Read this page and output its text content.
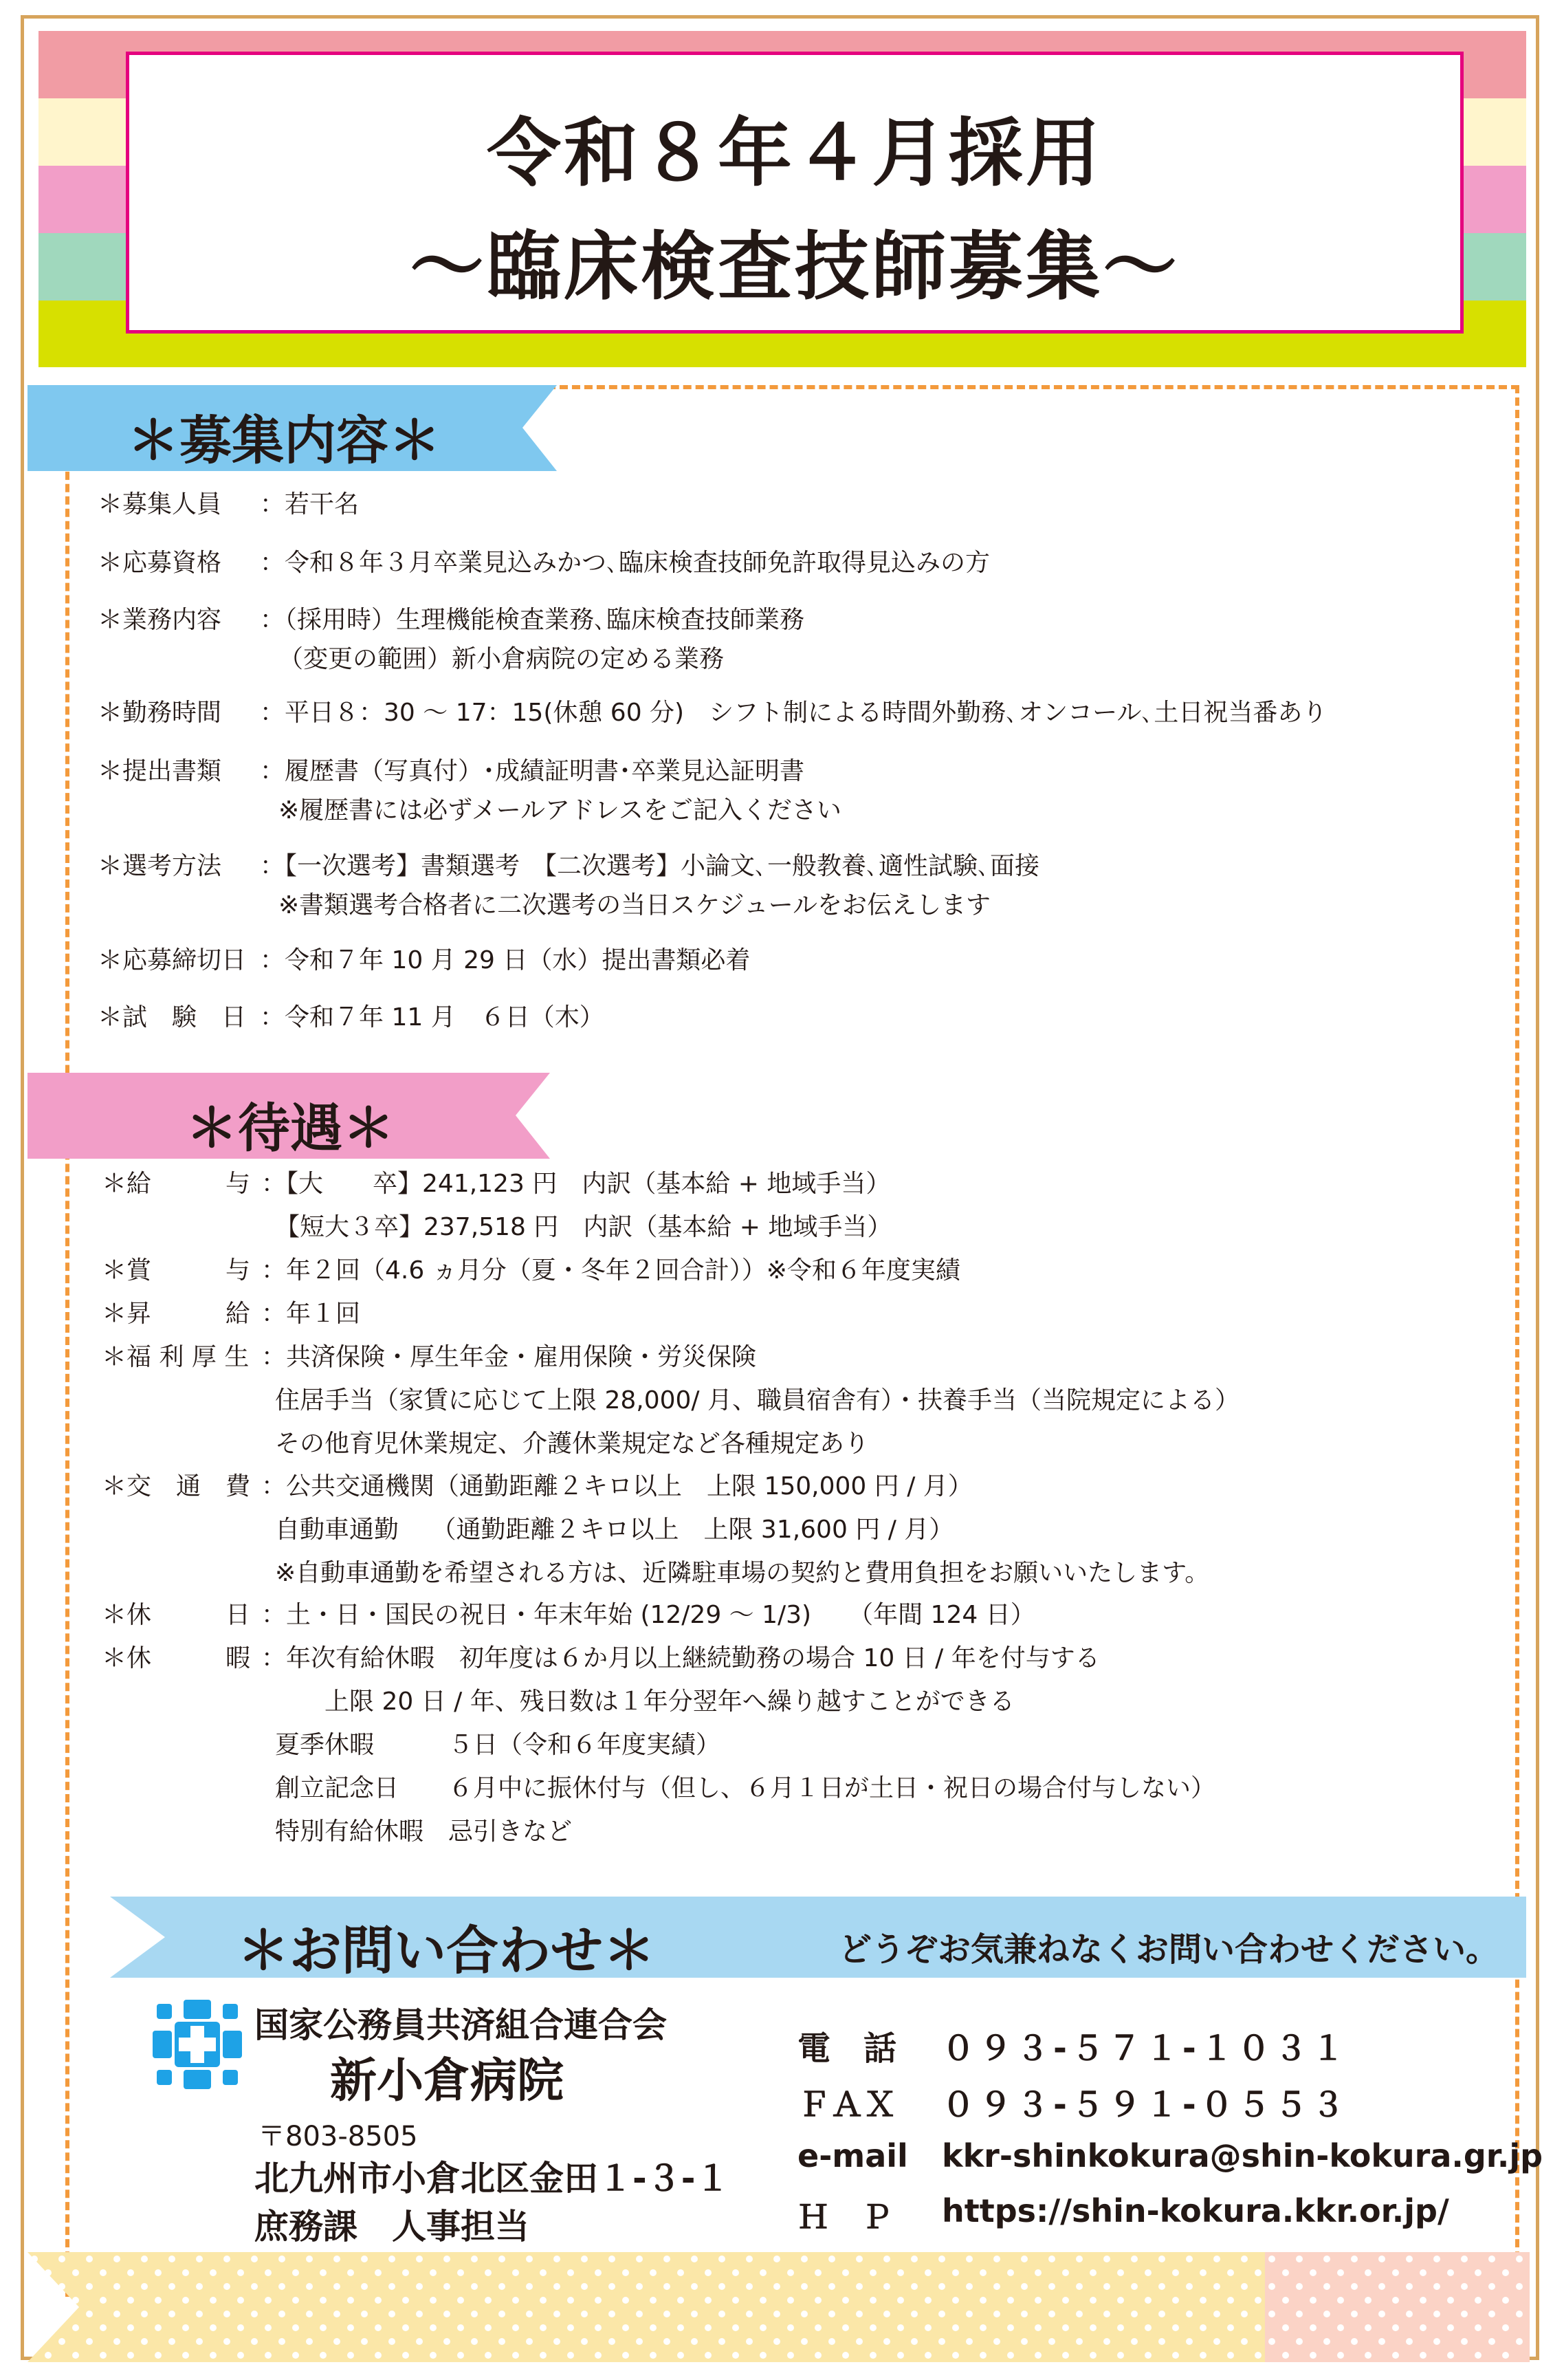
令和８年４月採用
〜臨床検査技師募集〜
＊募集内容＊
＊募集人員 ：若干名
＊応募資格 ：令和８年３月卒業見込みかつ､臨床検査技師免許取得見込みの方
＊業務内容 ：（採用時）生理機能検査業務､臨床検査技師業務
（変更の範囲）新小倉病院の定める業務
＊勤務時間 ：平日８：30 〜 17：15(休憩 60 分)　シフト制による時間外勤務､オンコール､土日祝当番あり
＊提出書類 ：履歴書（写真付）･成績証明書･卒業見込証明書
※履歴書には必ずメールアドレスをご記入ください
＊選考方法 ：【一次選考】書類選考　【二次選考】小論文､一般教養､適性試験､面接
※書類選考合格者に二次選考の当日スケジュールをお伝えします
＊応募締切日 ：令和７年 10 月 29 日（水）提出書類必着
＊試　験　日 ：令和７年 11 月　６日（木）
＊待遇＊
＊給　　　与 ：【大　　卒】241,123 円　内訳（基本給 + 地域手当）
【短大３卒】237,518 円　内訳（基本給 + 地域手当）
＊賞　　　与 ：年２回（4.6 ヵ月分（夏・冬年２回合計））※令和６年度実績
＊昇　　　給 ：年１回
＊福 利 厚 生 ：共済保険・厚生年金・雇用保険・労災保険
住居手当（家賃に応じて上限 28,000/ 月、職員宿舎有）・扶養手当（当院規定による）
その他育児休業規定、介護休業規定など各種規定あり
＊交　通　費 ：公共交通機関（通勤距離２キロ以上　上限 150,000 円 / 月）
自動車通勤　 （通勤距離２キロ以上　上限 31,600 円 / 月）
※自動車通勤を希望される方は、近隣駐車場の契約と費用負担をお願いいたします。
＊休　　　日 ：土・日・国民の祝日・年末年始 (12/29 〜 1/3)　　（年間 124 日）
＊休　　　暇 ：年次有給休暇　初年度は６か月以上継続勤務の場合 10 日 / 年を付与する
　　上限 20 日 / 年、残日数は１年分翌年へ繰り越すことができる
夏季休暇　　　５日（令和６年度実績）
創立記念日　　６月中に振休付与（但し、６月１日が土日・祝日の場合付与しない）
特別有給休暇　忌引きなど
＊お問い合わせ＊	どうぞお気兼ねなくお問い合わせください。
国家公務員共済組合連合会
新小倉病院
〒803-8505
北九州市小倉北区金田１-３-１
庶務課　人事担当
電　話 ０９３-５７１-１０３１
ＦＡＸ ０９３-５９１-０５５３
e-mail kkr-shinkokura@shin-kokura.gr.jp
Ｈ　Ｐ https://shin-kokura.kkr.or.jp/
